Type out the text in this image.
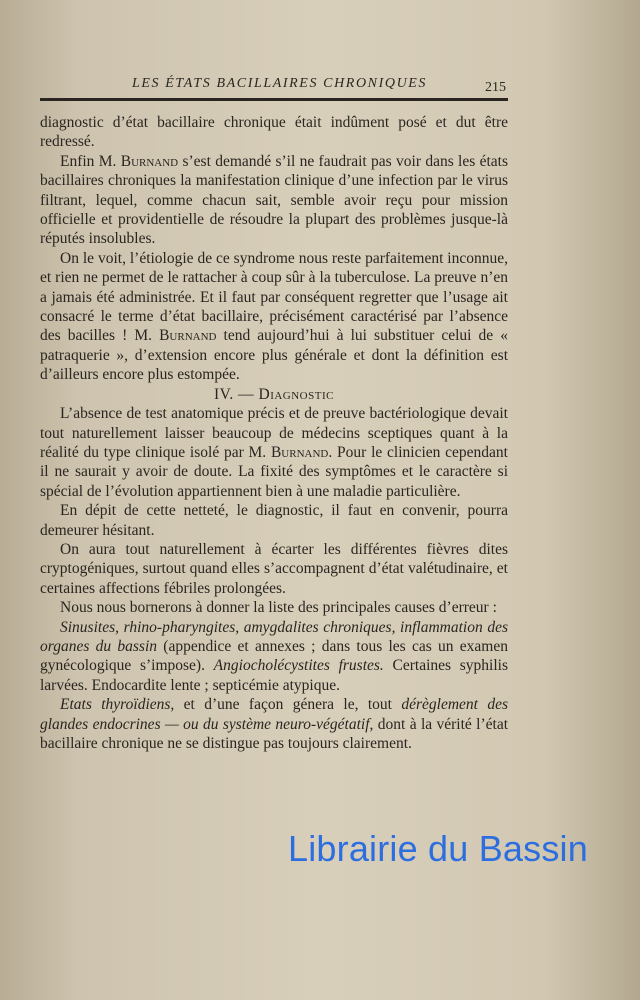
LES ÉTATS BACILLAIRES CHRONIQUES	215

diagnostic d’état bacillaire chronique était indûment posé et dut être redressé.

Enfin M. Burnand s’est demandé s’il ne faudrait pas voir dans les états bacillaires chroniques la manifestation clinique d’une infection par le virus filtrant, lequel, comme chacun sait, semble avoir reçu pour mission officielle et providentielle de résoudre la plupart des problèmes jusque-là réputés insolubles.

On le voit, l’étiologie de ce syndrome nous reste parfaitement inconnue, et rien ne permet de le rattacher à coup sûr à la tuberculose. La preuve n’en a jamais été administrée. Et il faut par conséquent regretter que l’usage ait consacré le terme d’état bacillaire, précisément caractérisé par l’absence des bacilles ! M. Burnand tend aujourd’hui à lui substituer celui de « patraquerie », d’extension encore plus générale et dont la définition est d’ailleurs encore plus estompée.

IV. — Diagnostic

L’absence de test anatomique précis et de preuve bactériologique devait tout naturellement laisser beaucoup de médecins sceptiques quant à la réalité du type clinique isolé par M. Burnand. Pour le clinicien cependant il ne saurait y avoir de doute. La fixité des symptômes et le caractère si spécial de l’évolution appartiennent bien à une maladie particulière.

En dépit de cette netteté, le diagnostic, il faut en convenir, pourra demeurer hésitant.

On aura tout naturellement à écarter les différentes fièvres dites cryptogéniques, surtout quand elles s’accompagnent d’état valétudinaire, et certaines affections fébriles prolongées.

Nous nous bornerons à donner la liste des principales causes d’erreur :

Sinusites, rhino-pharyngites, amygdalites chroniques, inflammation des organes du bassin (appendice et annexes ; dans tous les cas un examen gynécologique s’impose). Angiocholécystites frustes. Certaines syphilis larvées. Endocardite lente ; septicémie atypique.

Etats thyroïdiens, et d’une façon génera le, tout dérèglement des glandes endocrines — ou du système neuro-végétatif, dont à la vérité l’état bacillaire chronique ne se distingue pas toujours clairement.

Librairie du Bassin
